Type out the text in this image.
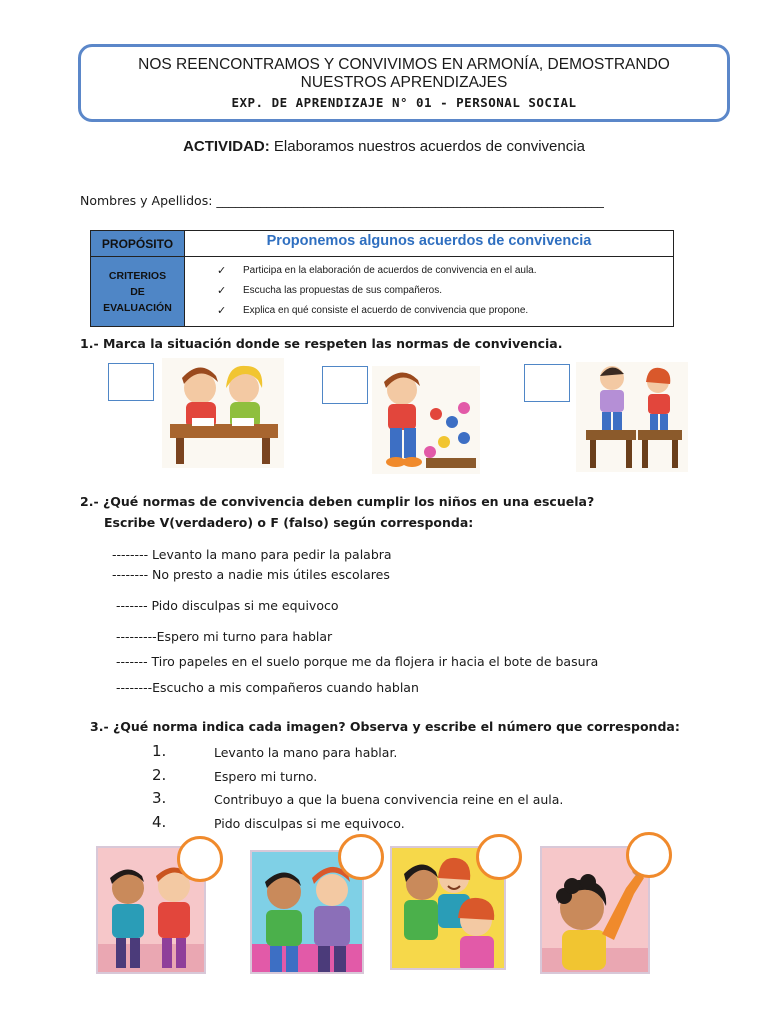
NOS REENCONTRAMOS Y CONVIVIMOS EN ARMONÍA, DEMOSTRANDO
NUESTROS APRENDIZAJES
EXP. DE APRENDIZAJE N° 01 - PERSONAL SOCIAL
ACTIVIDAD: Elaboramos nuestros acuerdos de convivencia
Nombres y Apellidos: ______________________________________________________________
PROPÓSITO	Proponemos algunos acuerdos de convivencia
CRITERIOS
DE
EVALUACIÓN
✓ Participa en la elaboración de acuerdos de convivencia en el aula.
✓ Escucha las propuestas de sus compañeros.
✓ Explica en qué consiste el acuerdo de convivencia que propone.
1.- Marca la situación donde se respeten las normas de convivencia.
2.- ¿Qué normas de convivencia deben cumplir los niños en una escuela?
Escribe V(verdadero) o F (falso) según corresponda:
-------- Levanto la mano para pedir la palabra
-------- No presto a nadie mis útiles escolares
------- Pido disculpas si me equivoco
---------Espero mi turno para hablar
------- Tiro papeles en el suelo porque me da flojera ir hacia el bote de basura
--------Escucho a mis compañeros cuando hablan
3.- ¿Qué norma indica cada imagen? Observa y escribe el número que corresponda:
1.	Levanto la mano para hablar.
2.	Espero mi turno.
3.	Contribuyo a que la buena convivencia reine en el aula.
4.	Pido disculpas si me equivoco.
